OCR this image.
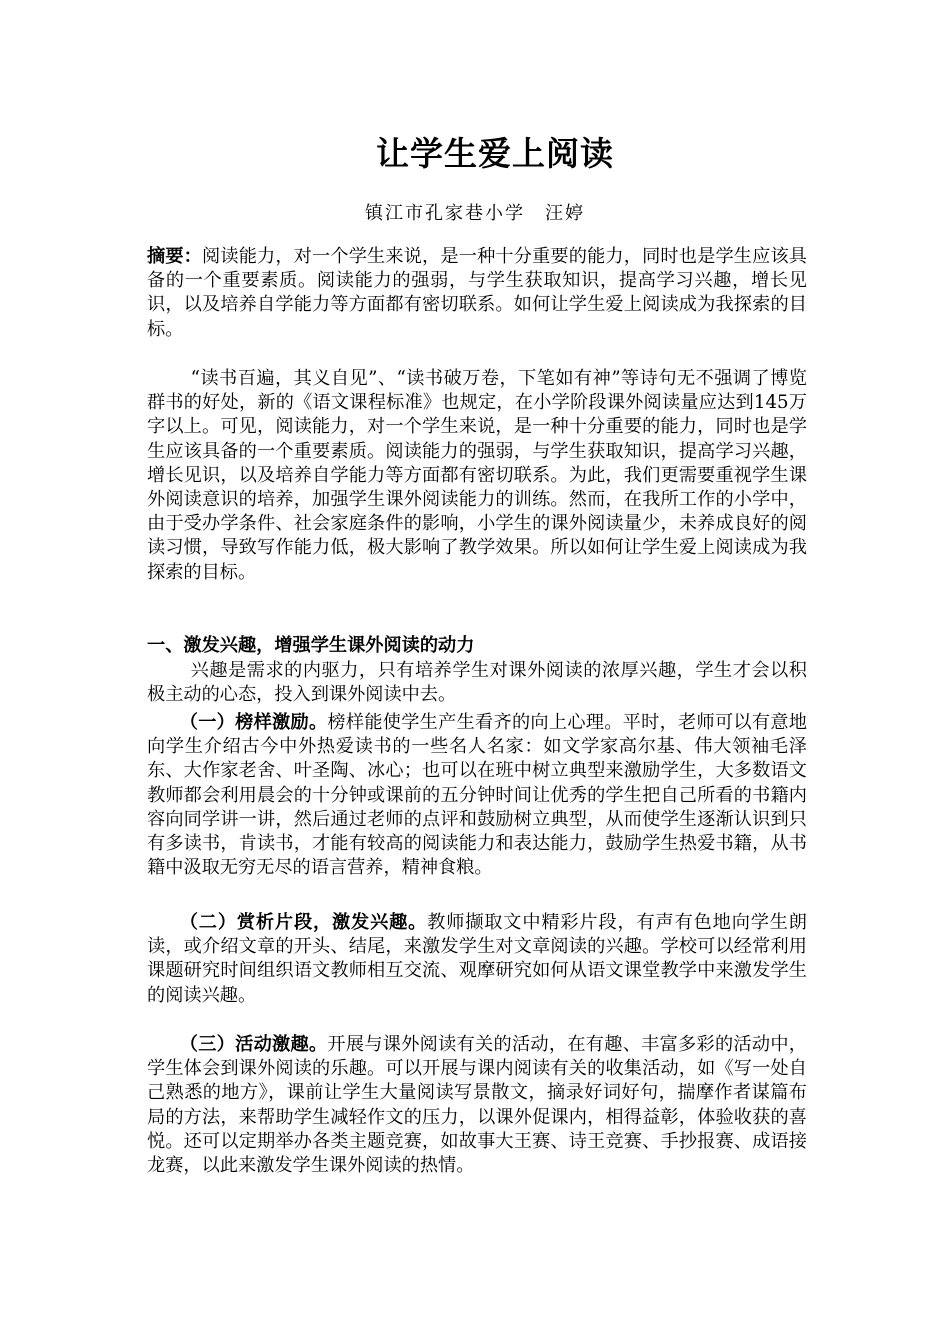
让学生爱上阅读
镇江市孔家巷小学　汪婷
摘要：阅读能力，对一个学生来说，是一种十分重要的能力，同时也是学生应该具备的一个重要素质。阅读能力的强弱，与学生获取知识，提高学习兴趣，增长见识，以及培养自学能力等方面都有密切联系。如何让学生爱上阅读成为我探索的目标。
“读书百遍，其义自见”、“读书破万卷，下笔如有神”等诗句无不强调了博览群书的好处，新的《语文课程标准》也规定，在小学阶段课外阅读量应达到145万字以上。可见，阅读能力，对一个学生来说，是一种十分重要的能力，同时也是学生应该具备的一个重要素质。阅读能力的强弱，与学生获取知识，提高学习兴趣，增长见识，以及培养自学能力等方面都有密切联系。为此，我们更需要重视学生课外阅读意识的培养，加强学生课外阅读能力的训练。然而，在我所工作的小学中，由于受办学条件、社会家庭条件的影响，小学生的课外阅读量少，未养成良好的阅读习惯，导致写作能力低，极大影响了教学效果。所以如何让学生爱上阅读成为我探索的目标。
一、激发兴趣，增强学生课外阅读的动力
兴趣是需求的内驱力，只有培养学生对课外阅读的浓厚兴趣，学生才会以积极主动的心态，投入到课外阅读中去。
（一）榜样激励。榜样能使学生产生看齐的向上心理。平时，老师可以有意地向学生介绍古今中外热爱读书的一些名人名家：如文学家高尔基、伟大领袖毛泽东、大作家老舍、叶圣陶、冰心；也可以在班中树立典型来激励学生，大多数语文教师都会利用晨会的十分钟或课前的五分钟时间让优秀的学生把自己所看的书籍内容向同学讲一讲，然后通过老师的点评和鼓励树立典型，从而使学生逐渐认识到只有多读书，肯读书，才能有较高的阅读能力和表达能力，鼓励学生热爱书籍，从书籍中汲取无穷无尽的语言营养，精神食粮。
（二）赏析片段，激发兴趣。教师撷取文中精彩片段，有声有色地向学生朗读，或介绍文章的开头、结尾，来激发学生对文章阅读的兴趣。学校可以经常利用课题研究时间组织语文教师相互交流、观摩研究如何从语文课堂教学中来激发学生的阅读兴趣。
（三）活动激趣。开展与课外阅读有关的活动，在有趣、丰富多彩的活动中，学生体会到课外阅读的乐趣。可以开展与课内阅读有关的收集活动，如《写一处自己熟悉的地方》，课前让学生大量阅读写景散文，摘录好词好句，揣摩作者谋篇布局的方法，来帮助学生减轻作文的压力，以课外促课内，相得益彰，体验收获的喜悦。还可以定期举办各类主题竞赛，如故事大王赛、诗王竞赛、手抄报赛、成语接龙赛，以此来激发学生课外阅读的热情。
